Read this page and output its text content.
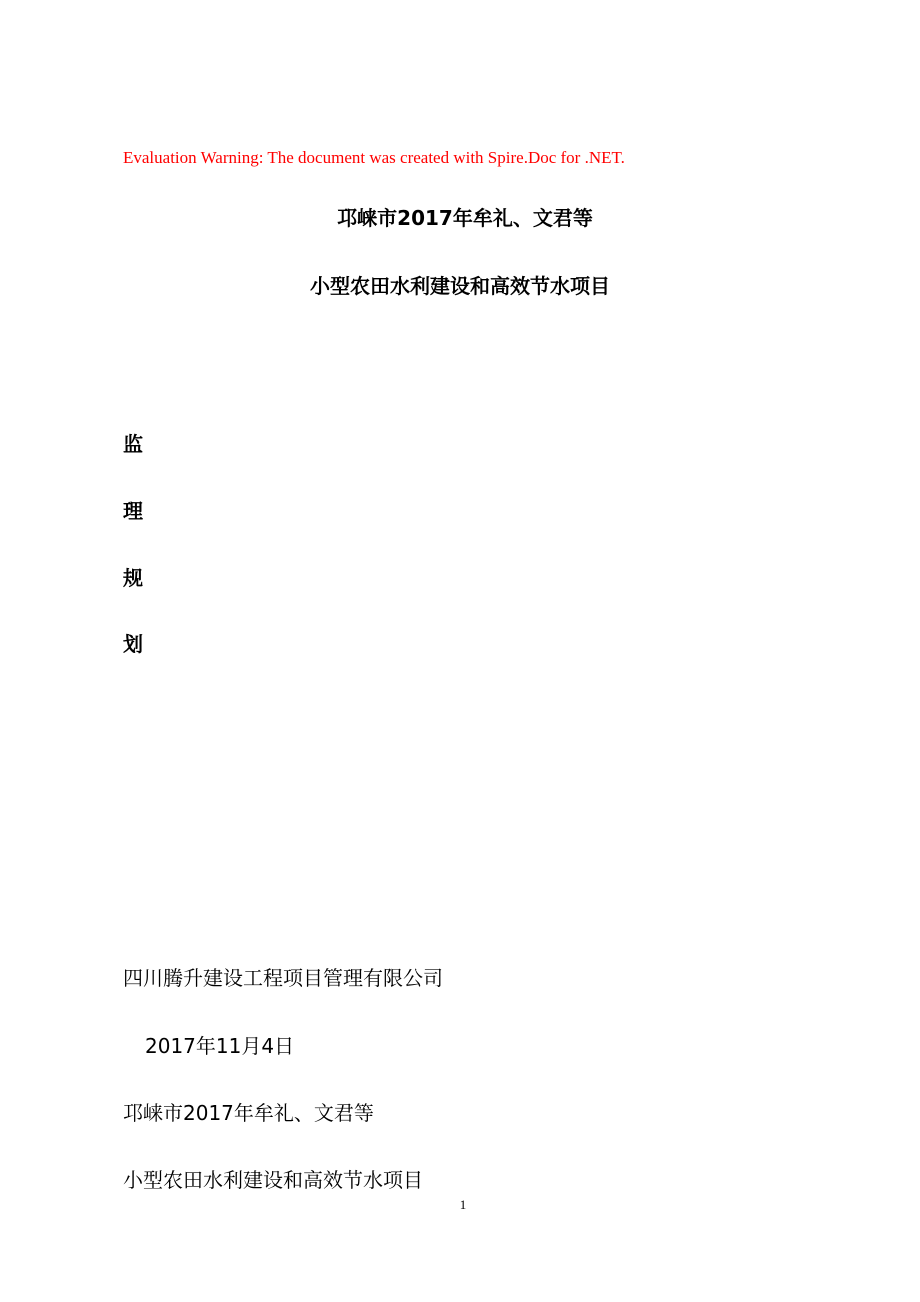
Evaluation Warning: The document was created with Spire.Doc for .NET.
邛崃市2017年牟礼、文君等
小型农田水利建设和高效节水项目
监
理
规
划
四川腾升建设工程项目管理有限公司
2017年11月4日
邛崃市2017年牟礼、文君等
小型农田水利建设和高效节水项目
1
